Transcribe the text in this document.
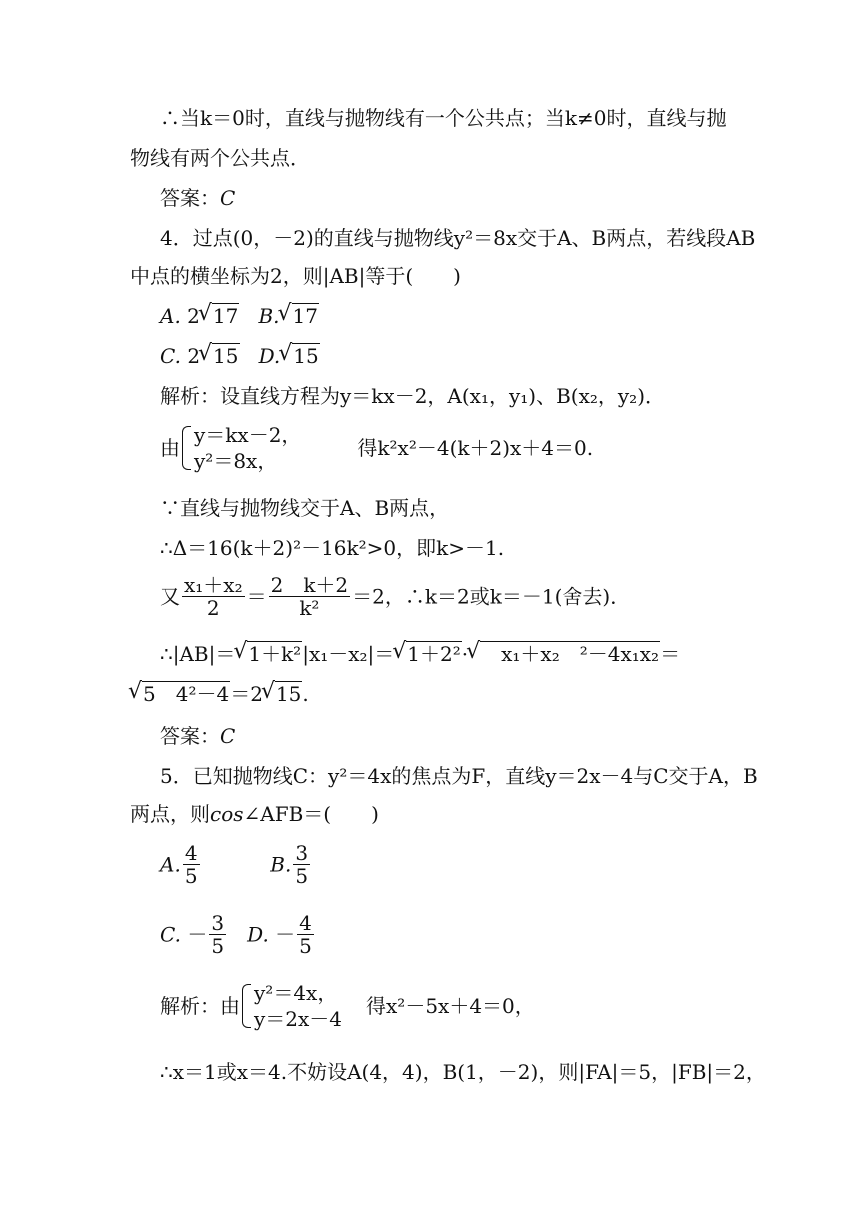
∴当k＝0时，直线与抛物线有一个公共点；当k≠0时，直线与抛
物线有两个公共点．
答案：C
4．过点(0，－2)的直线与抛物线y²＝8x交于A、B两点，若线段AB
中点的横坐标为2，则|AB|等于(　　)
A. 2 √ 17 B. √ 17
C. 2 √ 15 D. √ 15
解析：设直线方程为y＝kx－2，A(x₁，y₁)、B(x₂，y₂)．
由
y＝kx－2，
y²＝8x，
得k²x²－4(k＋2)x＋4＝0.
∵直线与抛物线交于A、B两点，
∴Δ＝16(k＋2)²－16k²>0，即k>－1.
又 $\frac{\text{x₁＋x₂}}{2} = \frac{2 k+2}{\text{k²}} =2$，∴k＝2或k＝－1(舍去)．
∴|AB|＝ √ 1＋k²|x₁－x₂|＝ √ 1＋2²·√ 　x₁＋x₂　²－4x₁x₂＝
√ 5　4²－4＝2 √ 15.
答案：C
5．已知抛物线C：y²＝4x的焦点为F，直线y＝2x－4与C交于A，B
两点，则cos∠AFB＝(　　)
A. $\frac{4}{5}$	B. $\frac{3}{5}$
C. － $\frac{3}{5} D$. － $\frac{4}{5}$
解析：由
y²＝4x，
y＝2x－4
得x²－5x＋4＝0，
∴x＝1或x＝4.不妨设A(4，4)，B(1，－2)，则|FA|＝5，|FB|＝2，
